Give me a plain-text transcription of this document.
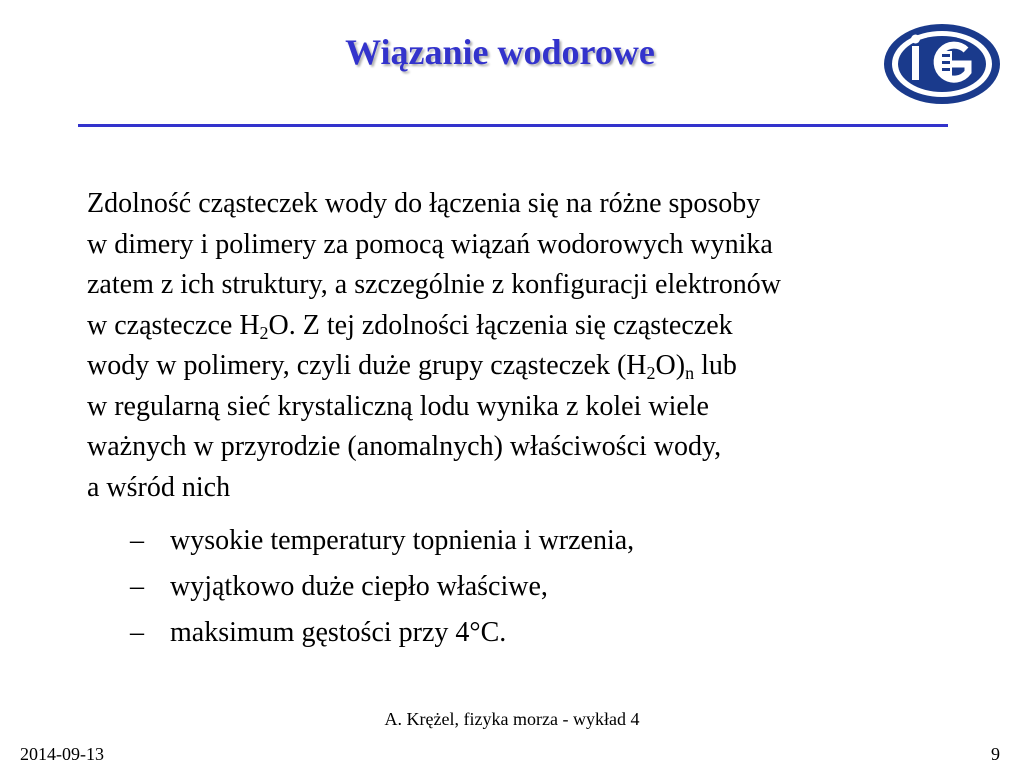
Wiązanie wodorowe
Zdolność cząsteczek wody do łączenia się na różne sposoby
w dimery i polimery za pomocą wiązań wodorowych wynika
zatem z ich struktury, a szczególnie z konfiguracji elektronów
w cząsteczce $H_2O$. Z tej zdolności łączenia się cząsteczek
wody w polimery, czyli duże grupy cząsteczek $(H_2O)_n$ lub
w regularną sieć krystaliczną lodu wynika z kolei wiele
ważnych w przyrodzie (anomalnych) właściwości wody,
a wśród nich
– wysokie temperatury topnienia i wrzenia,
– wyjątkowo duże ciepło właściwe,
– maksimum gęstości przy 4°C.
A. Krężel, fizyka morza - wykład 4
2014-09-13	9
